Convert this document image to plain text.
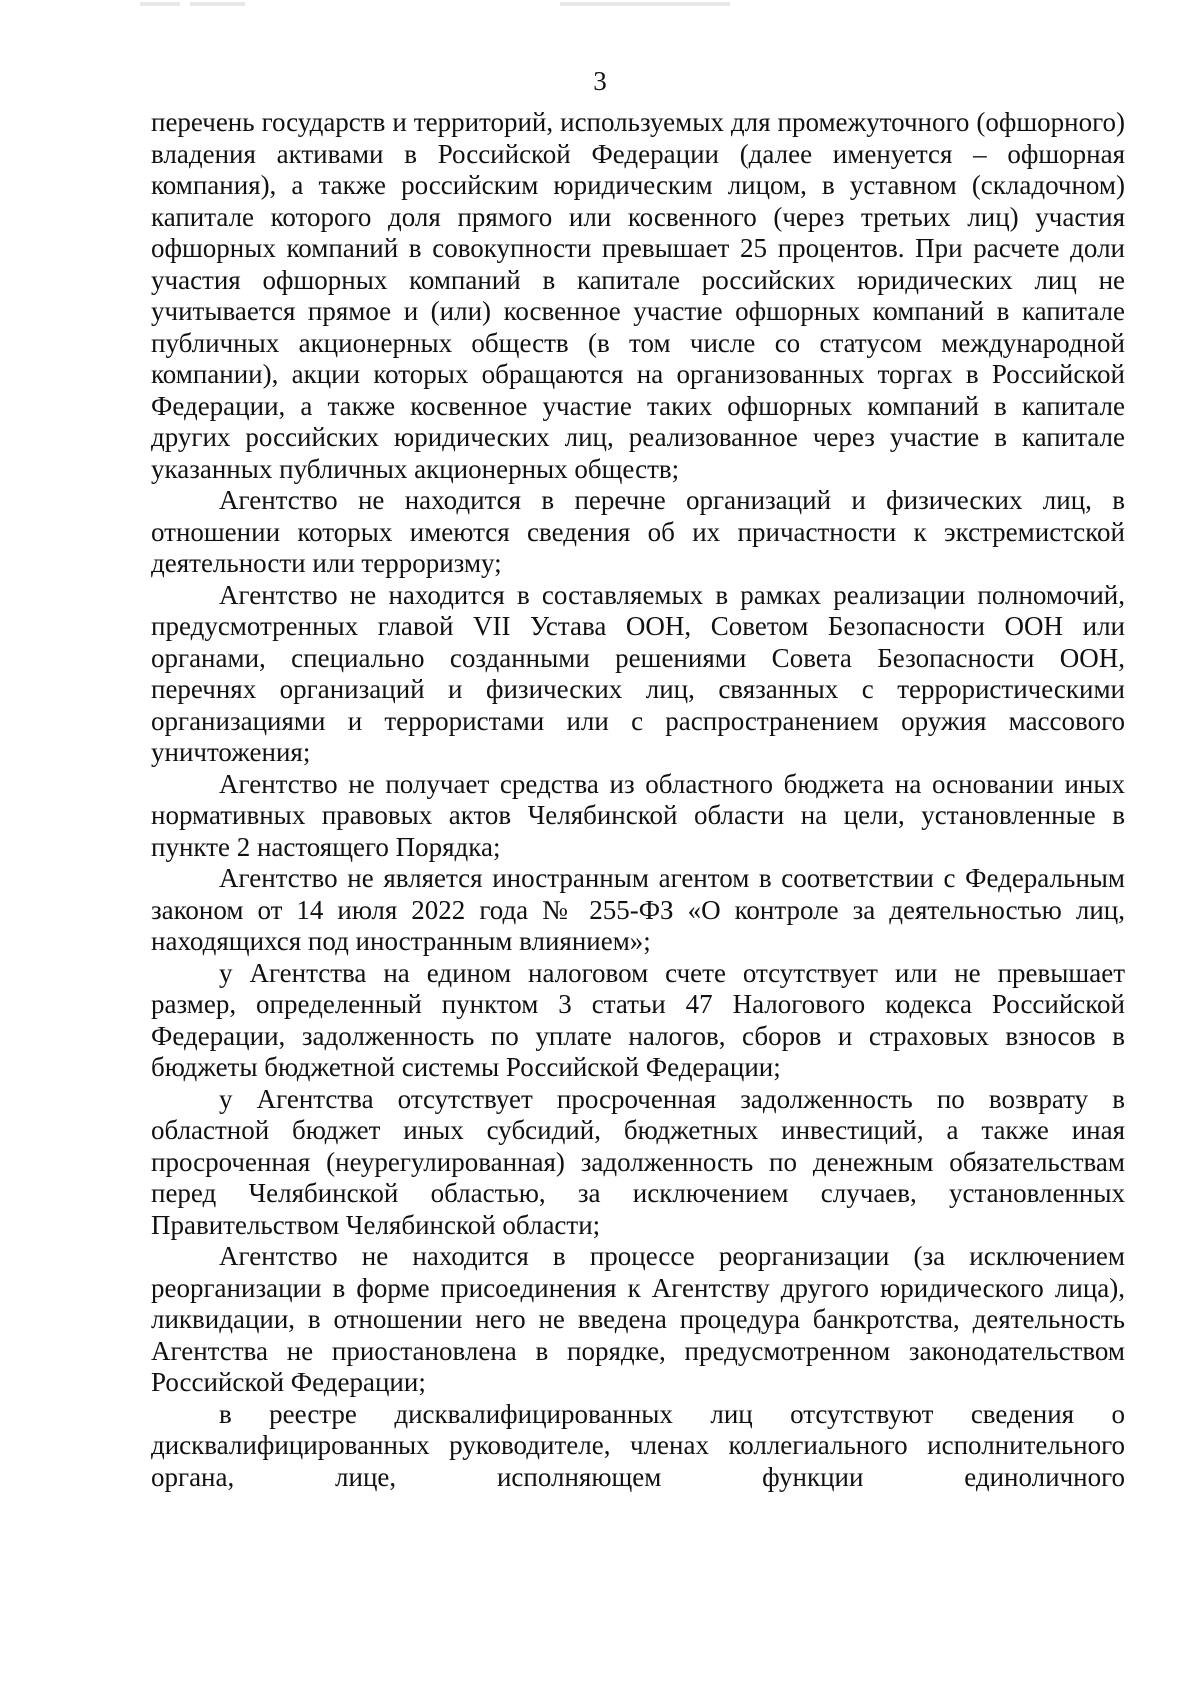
3

перечень государств и территорий, используемых для промежуточного (офшорного) владения активами в Российской Федерации (далее именуется – офшорная компания), а также российским юридическим лицом, в уставном (складочном) капитале которого доля прямого или косвенного (через третьих лиц) участия офшорных компаний в совокупности превышает 25 процентов. При расчете доли участия офшорных компаний в капитале российских юридических лиц не учитывается прямое и (или) косвенное участие офшорных компаний в капитале публичных акционерных обществ (в том числе со статусом международной компании), акции которых обращаются на организованных торгах в Российской Федерации, а также косвенное участие таких офшорных компаний в капитале других российских юридических лиц, реализованное через участие в капитале указанных публичных акционерных обществ;

Агентство не находится в перечне организаций и физических лиц, в отношении которых имеются сведения об их причастности к экстремистской деятельности или терроризму;

Агентство не находится в составляемых в рамках реализации полномочий, предусмотренных главой VII Устава ООН, Советом Безопасности ООН или органами, специально созданными решениями Совета Безопасности ООН, перечнях организаций и физических лиц, связанных с террористическими организациями и террористами или с распространением оружия массового уничтожения;

Агентство не получает средства из областного бюджета на основании иных нормативных правовых актов Челябинской области на цели, установленные в пункте 2 настоящего Порядка;

Агентство не является иностранным агентом в соответствии с Федеральным законом от 14 июля 2022 года № 255-ФЗ «О контроле за деятельностью лиц, находящихся под иностранным влиянием»;

у Агентства на едином налоговом счете отсутствует или не превышает размер, определенный пунктом 3 статьи 47 Налогового кодекса Российской Федерации, задолженность по уплате налогов, сборов и страховых взносов в бюджеты бюджетной системы Российской Федерации;

у Агентства отсутствует просроченная задолженность по возврату в областной бюджет иных субсидий, бюджетных инвестиций, а также иная просроченная (неурегулированная) задолженность по денежным обязательствам перед Челябинской областью, за исключением случаев, установленных Правительством Челябинской области;

Агентство не находится в процессе реорганизации (за исключением реорганизации в форме присоединения к Агентству другого юридического лица), ликвидации, в отношении него не введена процедура банкротства, деятельность Агентства не приостановлена в порядке, предусмотренном законодательством Российской Федерации;

в реестре дисквалифицированных лиц отсутствуют сведения о дисквалифицированных руководителе, членах коллегиального исполнительного органа, лице, исполняющем функции единоличного
